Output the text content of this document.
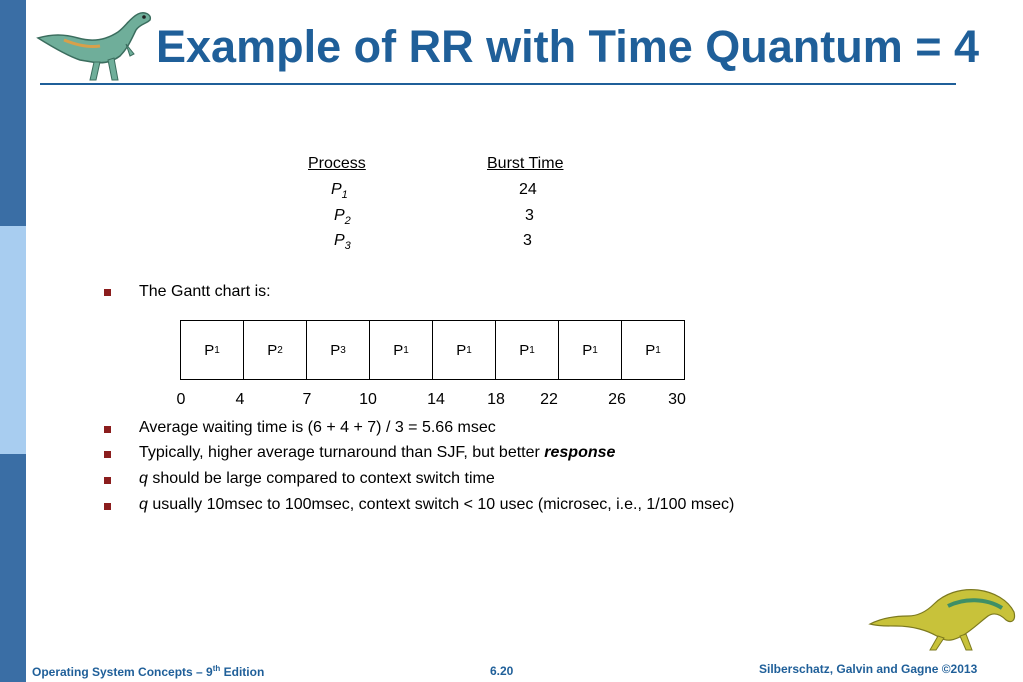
Example of RR with Time Quantum = 4
Process	Burst Time
$P_1$	24
$P_2$	3
$P_3$	3
The Gantt chart is:
P 1	P 2	P 3	P 1	P 1	P 1	P 1	P 1
0	4	7	10	14	18 22	26	30
Average waiting time is (6 + 4 + 7) / 3 = 5.66 msec
Typically, higher average turnaround than SJF, but better response
q should be large compared to context switch time
q usually 10msec to 100msec, context switch < 10 usec (microsec, i.e., 1/100 msec)
Operating System Concepts – 9th Edition	6.20	Silberschatz, Galvin and Gagne ©2013
